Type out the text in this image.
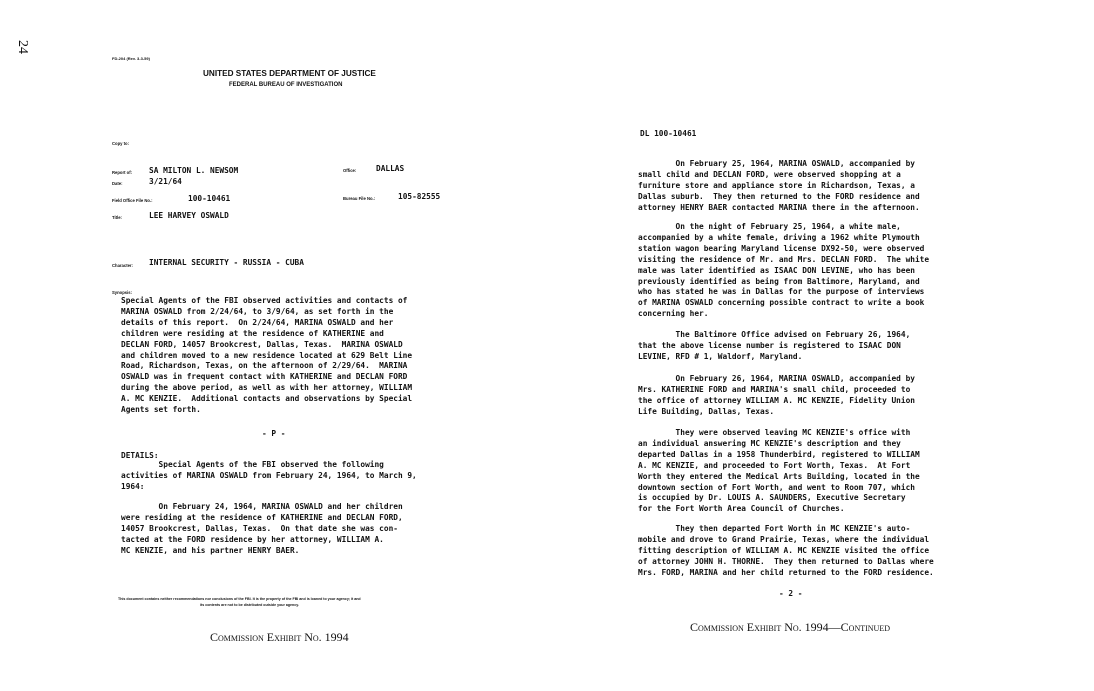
24
FD-204 (Rev. 3-3-59)
UNITED STATES DEPARTMENT OF JUSTICE
FEDERAL BUREAU OF INVESTIGATION
Copy to:
Report of: SA MILTON L. NEWSOM
Date:	3/21/64
Office:	DALLAS
Field Office File No.:	100-10461	Bureau File No.:	105-82555
Title:	LEE HARVEY OSWALD
Character: INTERNAL SECURITY - RUSSIA - CUBA
Synopsis:
Special Agents of the FBI observed activities and contacts of
MARINA OSWALD from 2/24/64, to 3/9/64, as set forth in the
details of this report.  On 2/24/64, MARINA OSWALD and her
children were residing at the residence of KATHERINE and
DECLAN FORD, 14057 Brookcrest, Dallas, Texas.  MARINA OSWALD
and children moved to a new residence located at 629 Belt Line
Road, Richardson, Texas, on the afternoon of 2/29/64.  MARINA
OSWALD was in frequent contact with KATHERINE and DECLAN FORD
during the above period, as well as with her attorney, WILLIAM
A. MC KENZIE.  Additional contacts and observations by Special
Agents set forth.
- P -
DETAILS:
Special Agents of the FBI observed the following
activities of MARINA OSWALD from February 24, 1964, to March 9,
1964:
On February 24, 1964, MARINA OSWALD and her children
were residing at the residence of KATHERINE and DECLAN FORD,
14057 Brookcrest, Dallas, Texas.  On that date she was con-
tacted at the FORD residence by her attorney, WILLIAM A.
MC KENZIE, and his partner HENRY BAER.
This document contains neither recommendations nor conclusions of the FBI. It is the property of the FBI and is loaned to your agency; it and
its contents are not to be distributed outside your agency.
Commission Exhibit No. 1994
DL 100-10461
On February 25, 1964, MARINA OSWALD, accompanied by
small child and DECLAN FORD, were observed shopping at a
furniture store and appliance store in Richardson, Texas, a
Dallas suburb.  They then returned to the FORD residence and
attorney HENRY BAER contacted MARINA there in the afternoon.
On the night of February 25, 1964, a white male,
accompanied by a white female, driving a 1962 white Plymouth
station wagon bearing Maryland license DX92-50, were observed
visiting the residence of Mr. and Mrs. DECLAN FORD.  The white
male was later identified as ISAAC DON LEVINE, who has been
previously identified as being from Baltimore, Maryland, and
who has stated he was in Dallas for the purpose of interviews
of MARINA OSWALD concerning possible contract to write a book
concerning her.
The Baltimore Office advised on February 26, 1964,
that the above license number is registered to ISAAC DON
LEVINE, RFD # 1, Waldorf, Maryland.
On February 26, 1964, MARINA OSWALD, accompanied by
Mrs. KATHERINE FORD and MARINA's small child, proceeded to
the office of attorney WILLIAM A. MC KENZIE, Fidelity Union
Life Building, Dallas, Texas.
They were observed leaving MC KENZIE's office with
an individual answering MC KENZIE's description and they
departed Dallas in a 1958 Thunderbird, registered to WILLIAM
A. MC KENZIE, and proceeded to Fort Worth, Texas.  At Fort
Worth they entered the Medical Arts Building, located in the
downtown section of Fort Worth, and went to Room 707, which
is occupied by Dr. LOUIS A. SAUNDERS, Executive Secretary
for the Fort Worth Area Council of Churches.
They then departed Fort Worth in MC KENZIE's auto-
mobile and drove to Grand Prairie, Texas, where the individual
fitting description of WILLIAM A. MC KENZIE visited the office
of attorney JOHN H. THORNE.  They then returned to Dallas where
Mrs. FORD, MARINA and her child returned to the FORD residence.
- 2 -
Commission Exhibit No. 1994—Continued
